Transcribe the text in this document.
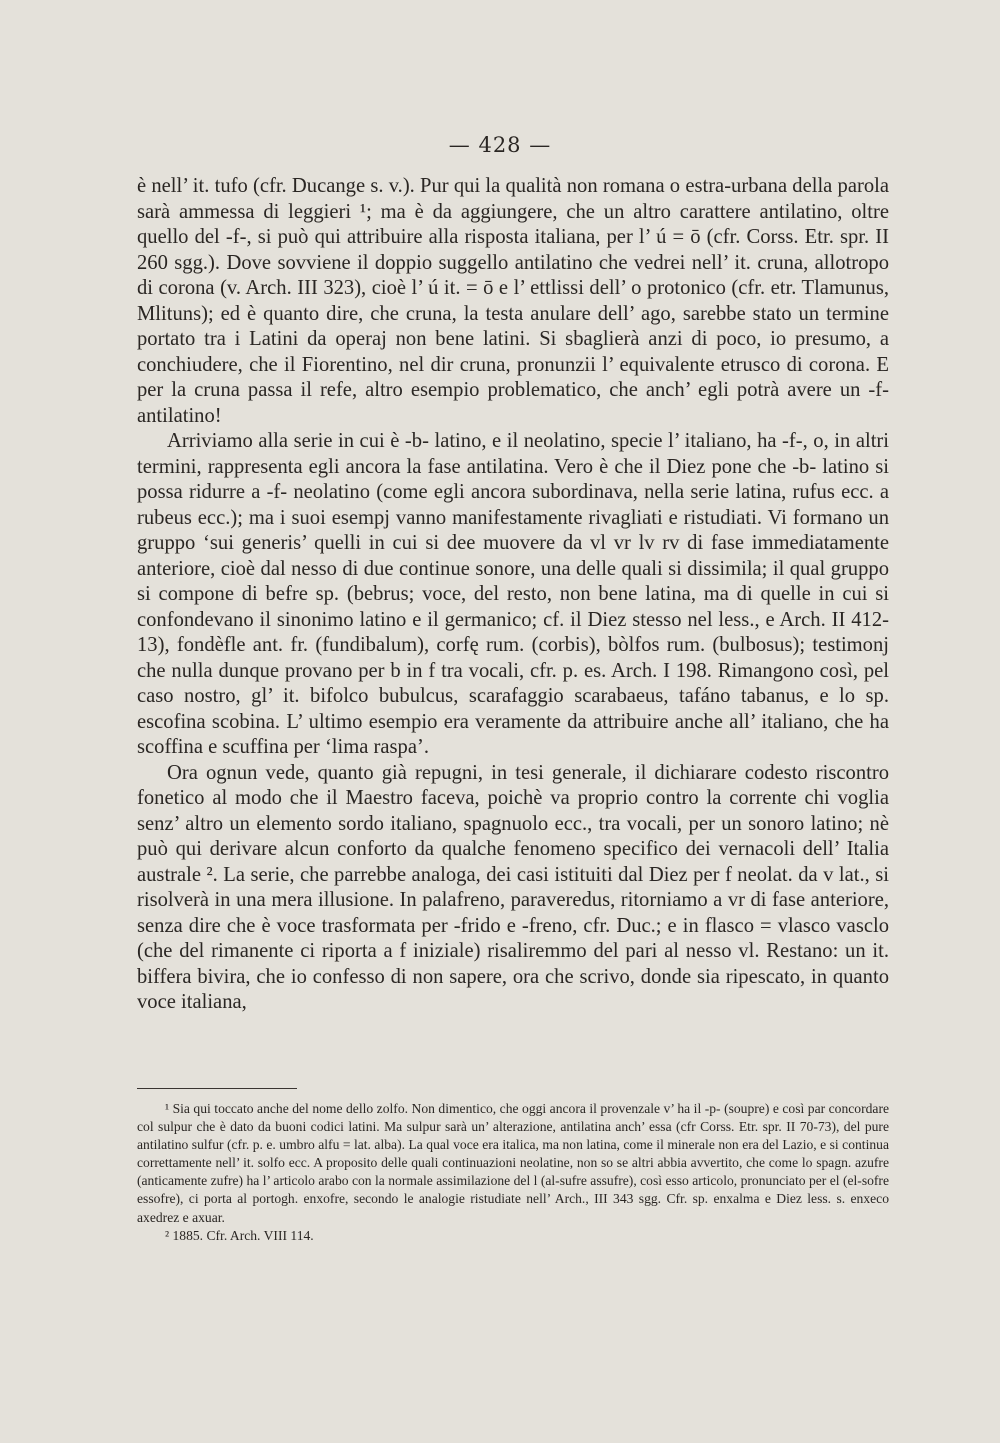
— 428 —

è nell’ it. tufo (cfr. Ducange s. v.). Pur qui la qualità non romana o estra-urbana della parola sarà ammessa di leggieri ¹; ma è da aggiungere, che un altro carattere antilatino, oltre quello del -f-, si può qui attribuire alla risposta italiana, per l’ ú = ō (cfr. Corss. Etr. spr. II 260 sgg.). Dove sovviene il doppio suggello antilatino che vedrei nell’ it. cruna, allotropo di corona (v. Arch. III 323), cioè l’ ú it. = ō e l’ ettlissi dell’ o protonico (cfr. etr. Tlamunus, Mlituns); ed è quanto dire, che cruna, la testa anulare dell’ ago, sarebbe stato un termine portato tra i Latini da operaj non bene latini. Si sbaglierà anzi di poco, io presumo, a conchiudere, che il Fiorentino, nel dir cruna, pronunzii l’ equivalente etrusco di corona. E per la cruna passa il refe, altro esempio problematico, che anch’ egli potrà avere un -f- antilatino!

Arriviamo alla serie in cui è -b- latino, e il neolatino, specie l’ italiano, ha -f-, o, in altri termini, rappresenta egli ancora la fase antilatina. Vero è che il Diez pone che -b- latino si possa ridurre a -f- neolatino (come egli ancora subordinava, nella serie latina, rufus ecc. a rubeus ecc.); ma i suoi esempj vanno manifestamente rivagliati e ristudiati. Vi formano un gruppo ‘sui generis’ quelli in cui si dee muovere da vl vr lv rv di fase immediatamente anteriore, cioè dal nesso di due continue sonore, una delle quali si dissimila; il qual gruppo si compone di befre sp. (bebrus; voce, del resto, non bene latina, ma di quelle in cui si confondevano il sinonimo latino e il germanico; cf. il Diez stesso nel less., e Arch. II 412-13), fondèfle ant. fr. (fundibalum), corfę rum. (corbis), bòlfos rum. (bulbosus); testimonj che nulla dunque provano per b in f tra vocali, cfr. p. es. Arch. I 198. Rimangono così, pel caso nostro, gl’ it. bifolco bubulcus, scarafaggio scarabaeus, tafáno tabanus, e lo sp. escofina scobina. L’ ultimo esempio era veramente da attribuire anche all’ italiano, che ha scoffina e scuffina per ‘lima raspa’.

Ora ognun vede, quanto già repugni, in tesi generale, il dichiarare codesto riscontro fonetico al modo che il Maestro faceva, poichè va proprio contro la corrente chi voglia senz’ altro un elemento sordo italiano, spagnuolo ecc., tra vocali, per un sonoro latino; nè può qui derivare alcun conforto da qualche fenomeno specifico dei vernacoli dell’ Italia australe ². La serie, che parrebbe analoga, dei casi istituiti dal Diez per f neolat. da v lat., si risolverà in una mera illusione. In palafreno, paraveredus, ritorniamo a vr di fase anteriore, senza dire che è voce trasformata per -frido e -freno, cfr. Duc.; e in flasco = vlasco vasclo (che del rimanente ci riporta a f iniziale) risaliremmo del pari al nesso vl. Restano: un it. biffera bivira, che io confesso di non sapere, ora che scrivo, donde sia ripescato, in quanto voce italiana,

¹ Sia qui toccato anche del nome dello zolfo. Non dimentico, che oggi ancora il provenzale v’ ha il -p- (soupre) e così par concordare col sulpur che è dato da buoni codici latini. Ma sulpur sarà un’ alterazione, antilatina anch’ essa (cfr Corss. Etr. spr. II 70-73), del pure antilatino sulfur (cfr. p. e. umbro alfu = lat. alba). La qual voce era italica, ma non latina, come il minerale non era del Lazio, e si continua correttamente nell’ it. solfo ecc. A proposito delle quali continuazioni neolatine, non so se altri abbia avvertito, che come lo spagn. azufre (anticamente zufre) ha l’ articolo arabo con la normale assimilazione del l (al-sufre assufre), così esso articolo, pronunciato per el (el-sofre essofre), ci porta al portogh. enxofre, secondo le analogie ristudiate nell’ Arch., III 343 sgg. Cfr. sp. enxalma e Diez less. s. enxeco axedrez e axuar.

² 1885. Cfr. Arch. VIII 114.
